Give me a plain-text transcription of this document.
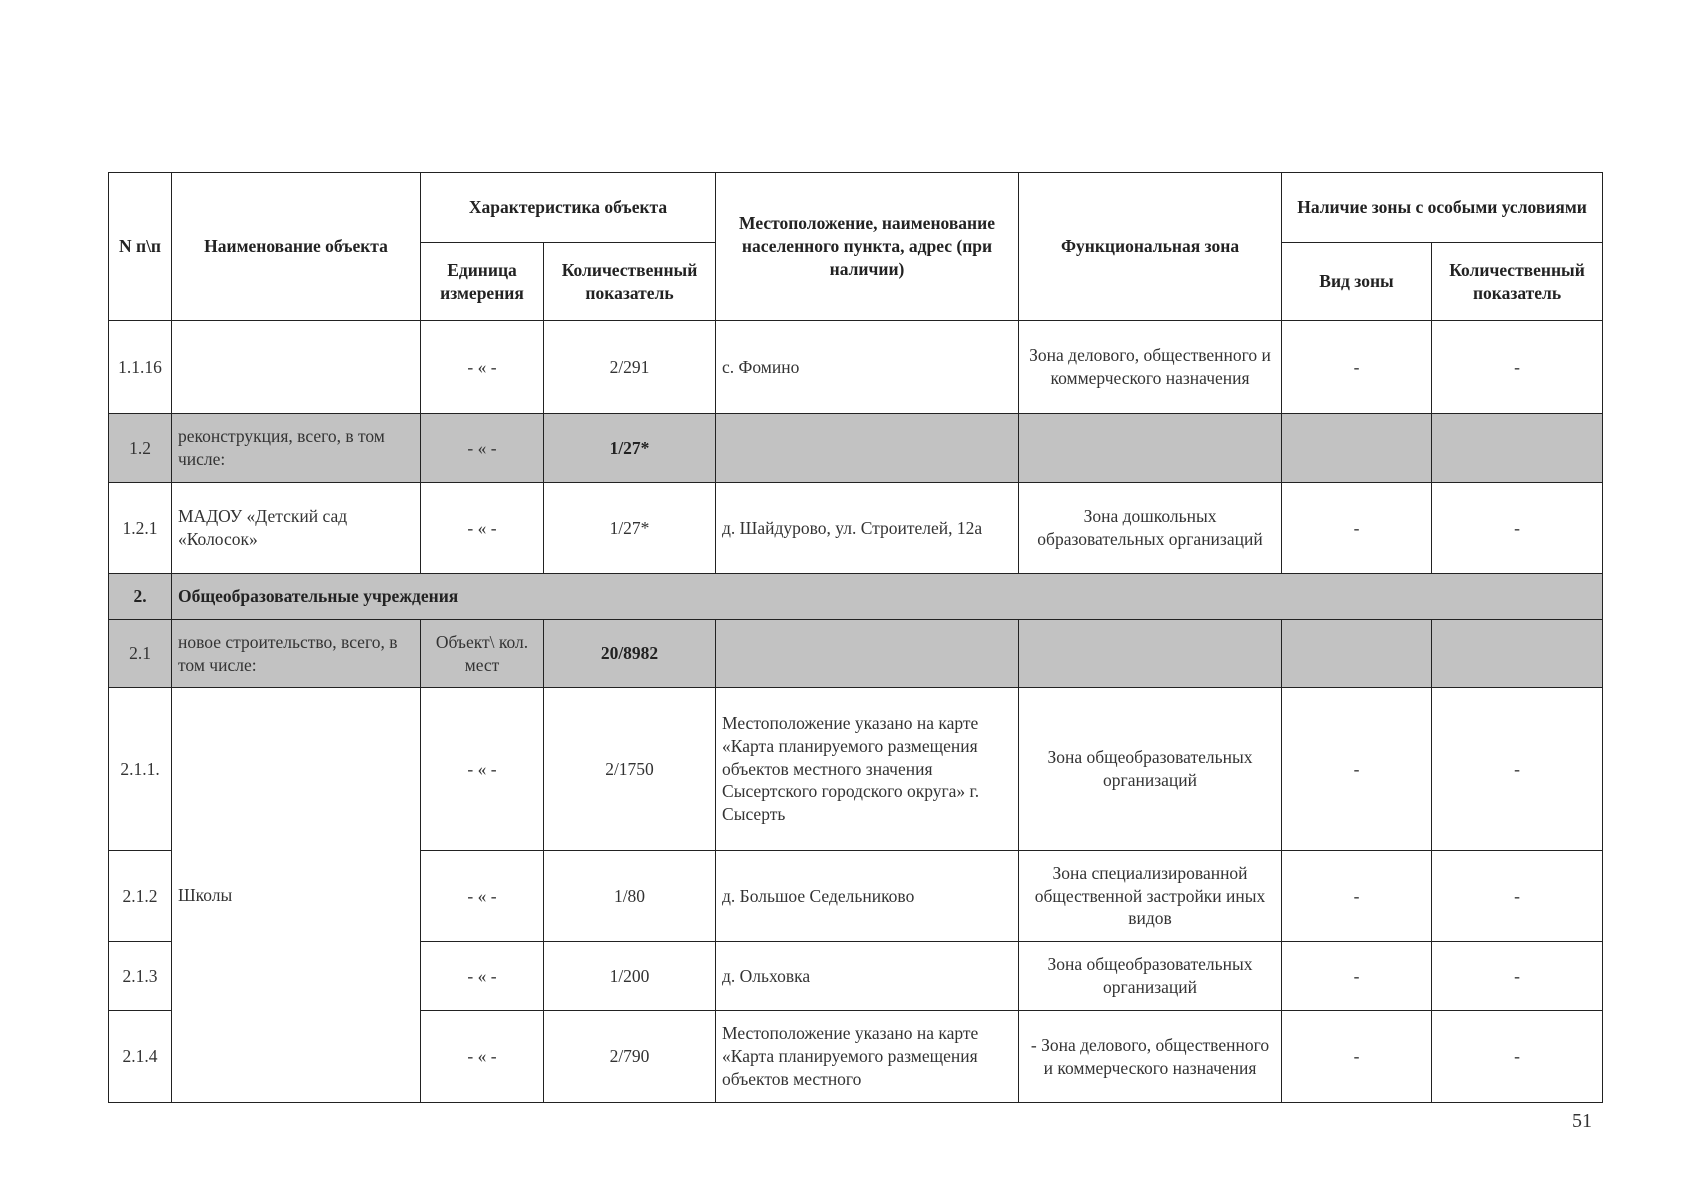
N п\п	Наименование объекта	Характеристика объекта		Местоположение, наименование населенного пункта, адрес (при наличии)	Функциональная зона	Наличие зоны с особыми условиями	
		Единица измерения	Количественный показатель			Вид зоны	Количественный показатель
1.1.16		- « -	2/291	с. Фомино	Зона делового, общественного и коммерческого назначения	-	-
1.2	реконструкция, всего, в том числе:	- « -	1/27*				
1.2.1	МАДОУ «Детский сад «Колосок»	- « -	1/27*	д. Шайдурово, ул. Строителей, 12а	Зона дошкольных образовательных организаций	-	-
2.	Общеобразовательные учреждения						
2.1	новое строительство, всего, в том числе:	Объект\ кол. мест	20/8982				
2.1.1.	Школы	- « -	2/1750	Местоположение указано на карте «Карта планируемого размещения объектов местного значения Сысертского городского округа» г. Сысерть	Зона общеобразовательных организаций	-	-
2.1.2		- « -	1/80	д. Большое Седельниково	Зона специализированной общественной застройки иных видов	-	-
2.1.3		- « -	1/200	д. Ольховка	Зона общеобразовательных организаций	-	-
2.1.4		- « -	2/790	Местоположение указано на карте «Карта планируемого размещения объектов местного	- Зона делового, общественного и коммерческого назначения	-	-
51
